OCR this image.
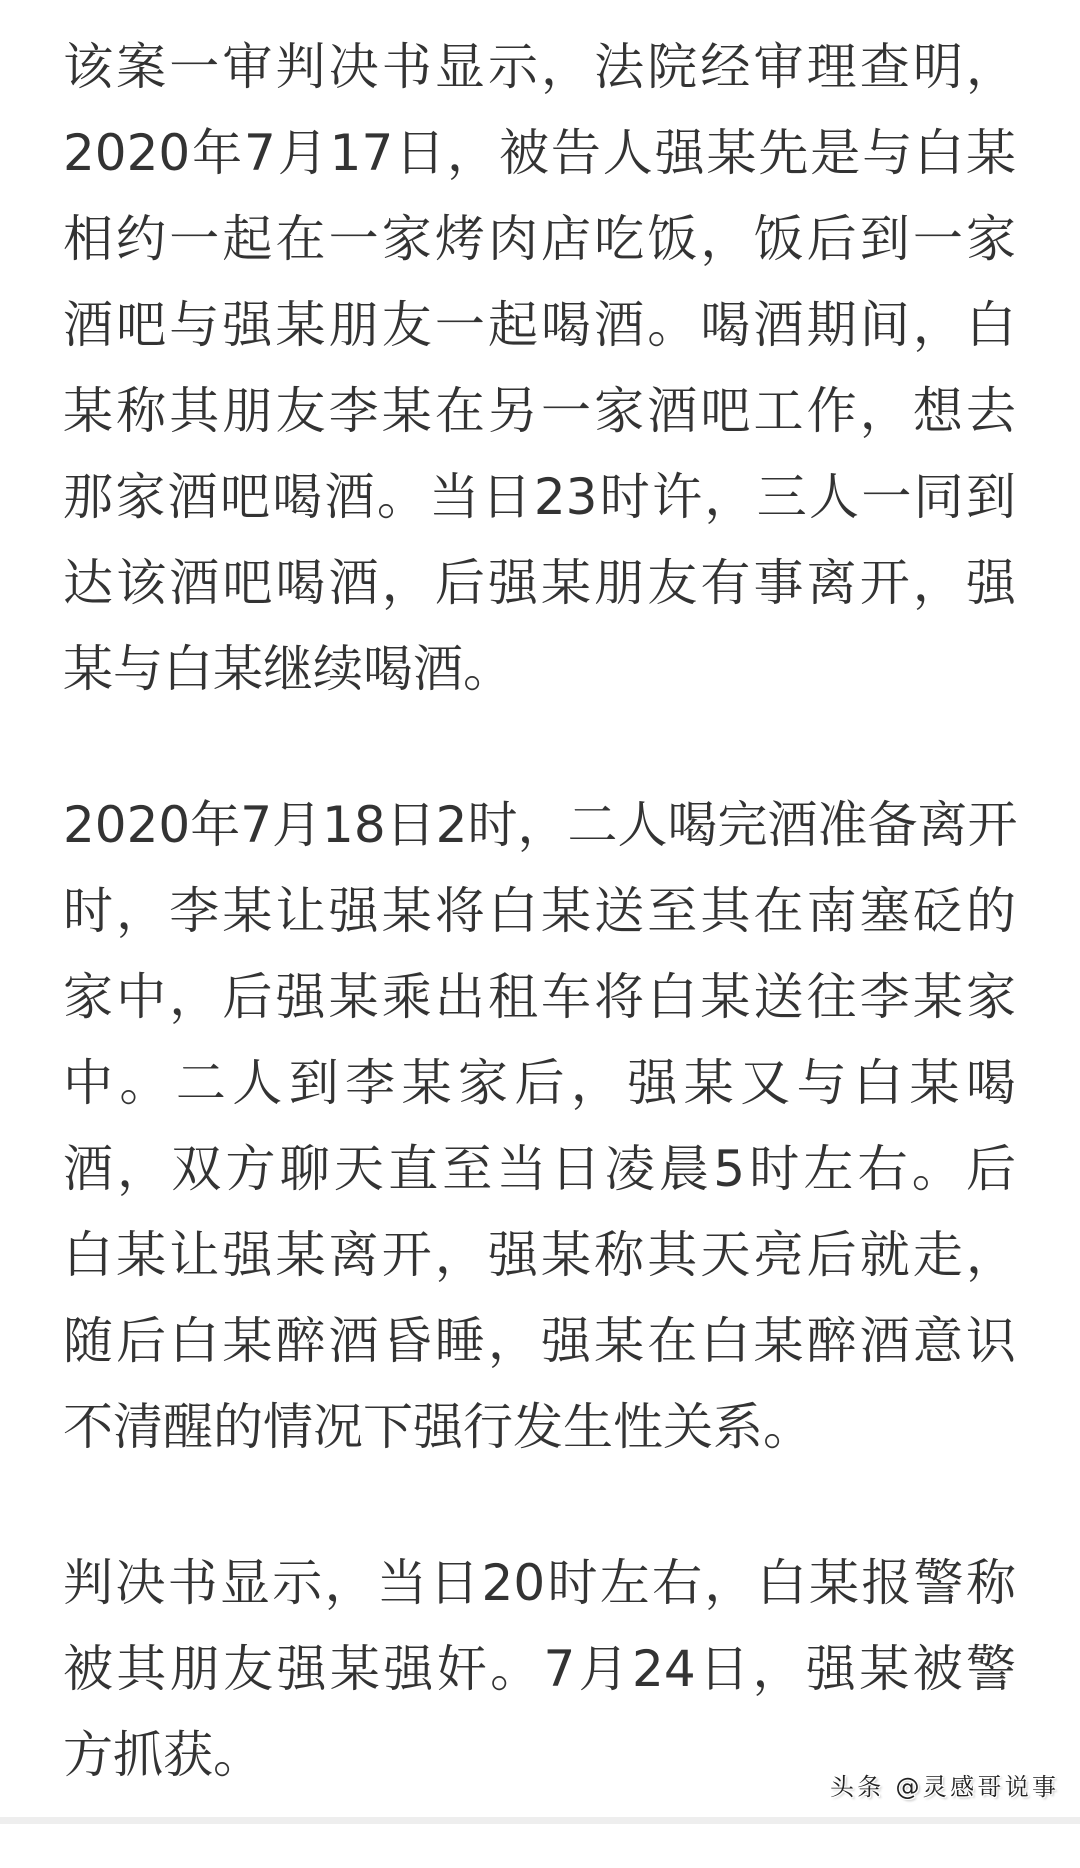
该案一审判决书显示，法院经审理查明，
2020年7月17日，被告人强某先是与白某
相约一起在一家烤肉店吃饭，饭后到一家
酒吧与强某朋友一起喝酒。喝酒期间，白
某称其朋友李某在另一家酒吧工作，想去
那家酒吧喝酒。当日23时许，三人一同到
达该酒吧喝酒，后强某朋友有事离开，强
某与白某继续喝酒。
2020年7月18日2时，二人喝完酒准备离开
时，李某让强某将白某送至其在南塞砭的
家中，后强某乘出租车将白某送往李某家
中。二人到李某家后，强某又与白某喝
酒，双方聊天直至当日凌晨5时左右。后
白某让强某离开，强某称其天亮后就走，
随后白某醉酒昏睡，强某在白某醉酒意识
不清醒的情况下强行发生性关系。
判决书显示，当日20时左右，白某报警称
被其朋友强某强奸。7月24日，强某被警
方抓获。
头条 @灵感哥说事
